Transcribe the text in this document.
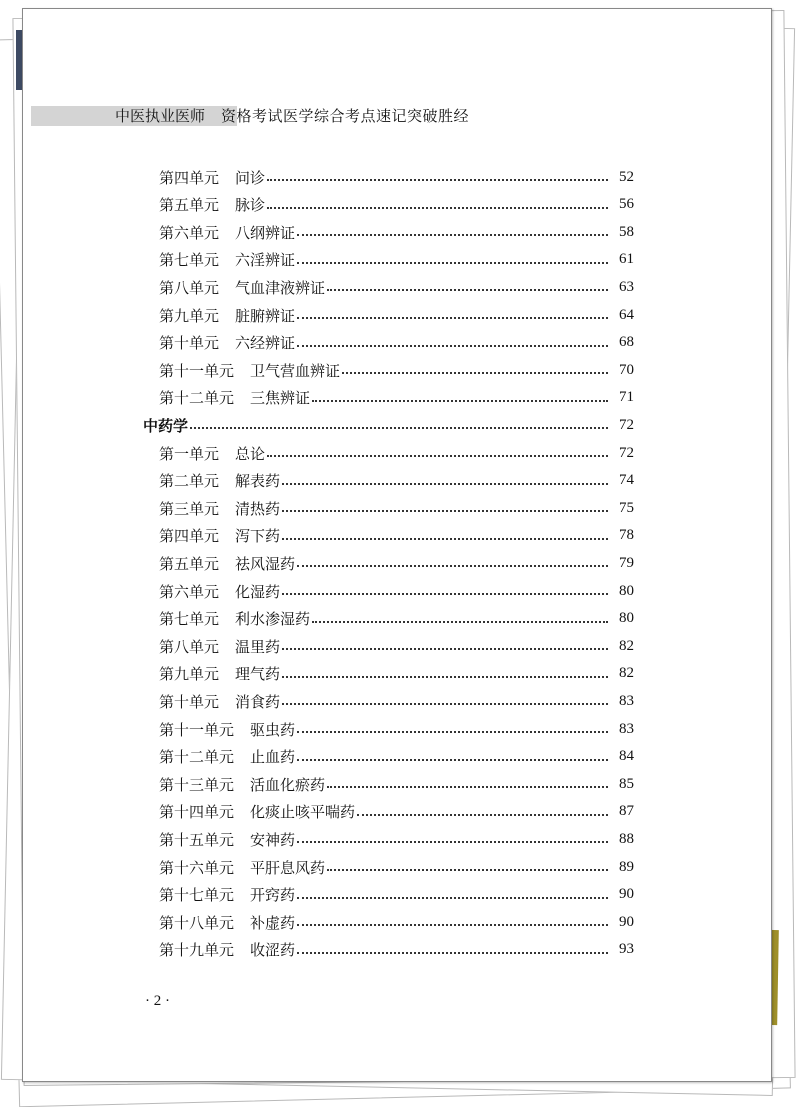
中医执业医师 资格考试医学综合考点速记突破胜经
第四单元 问诊	52
第五单元 脉诊	56
第六单元 八纲辨证	58
第七单元 六淫辨证	61
第八单元 气血津液辨证	63
第九单元 脏腑辨证	64
第十单元 六经辨证	68
第十一单元 卫气营血辨证	70
第十二单元 三焦辨证	71
中药学	72
第一单元 总论	72
第二单元 解表药	74
第三单元 清热药	75
第四单元 泻下药	78
第五单元 祛风湿药	79
第六单元 化湿药	80
第七单元 利水渗湿药	80
第八单元 温里药	82
第九单元 理气药	82
第十单元 消食药	83
第十一单元 驱虫药	83
第十二单元 止血药	84
第十三单元 活血化瘀药	85
第十四单元 化痰止咳平喘药	87
第十五单元 安神药	88
第十六单元 平肝息风药	89
第十七单元 开窍药	90
第十八单元 补虚药	90
第十九单元 收涩药	93
· 2 ·
